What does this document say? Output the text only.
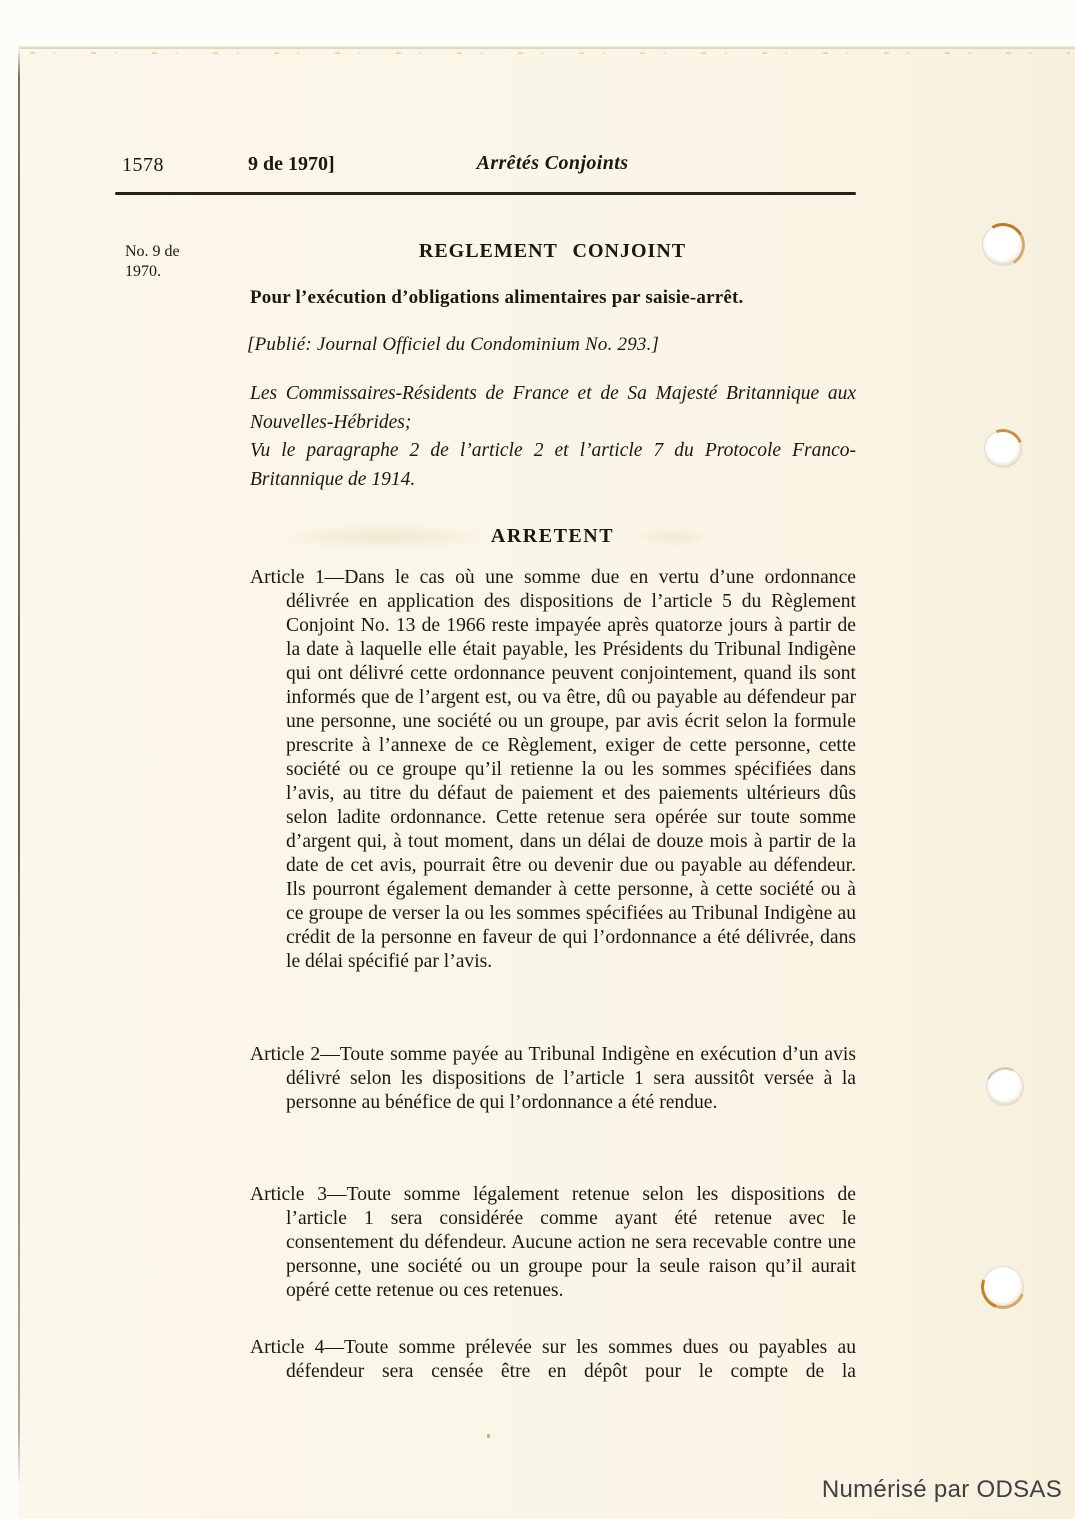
1578	9 de 1970]	Arrêtés Conjoints
No. 9 de 1970.
REGLEMENT CONJOINT
Pour l’exécution d’obligations alimentaires par saisie-arrêt.
[Publié: Journal Officiel du Condominium No. 293.]
Les Commissaires-Résidents de France et de Sa Majesté Britannique aux Nouvelles-Hébrides;
Vu le paragraphe 2 de l’article 2 et l’article 7 du Protocole Franco-Britannique de 1914.
ARRETENT

Article 1—Dans le cas où une somme due en vertu d’une ordonnance délivrée en application des dispositions de l’article 5 du Règlement Conjoint No. 13 de 1966 reste impayée après quatorze jours à partir de la date à laquelle elle était payable, les Présidents du Tribunal Indigène qui ont délivré cette ordonnance peuvent conjointement, quand ils sont informés que de l’argent est, ou va être, dû ou payable au défendeur par une personne, une société ou un groupe, par avis écrit selon la formule prescrite à l’annexe de ce Règlement, exiger de cette personne, cette société ou ce groupe qu’il retienne la ou les sommes spécifiées dans l’avis, au titre du défaut de paiement et des paiements ultérieurs dûs selon ladite ordonnance. Cette retenue sera opérée sur toute somme d’argent qui, à tout moment, dans un délai de douze mois à partir de la date de cet avis, pourrait être ou devenir due ou payable au défendeur. Ils pourront également demander à cette personne, à cette société ou à ce groupe de verser la ou les sommes spécifiées au Tribunal Indigène au crédit de la personne en faveur de qui l’ordonnance a été délivrée, dans le délai spécifié par l’avis.

Article 2—Toute somme payée au Tribunal Indigène en exécution d’un avis délivré selon les dispositions de l’article 1 sera aussitôt versée à la personne au bénéfice de qui l’ordonnance a été rendue.

Article 3—Toute somme légalement retenue selon les dispositions de l’article 1 sera considérée comme ayant été retenue avec le consentement du défendeur. Aucune action ne sera recevable contre une personne, une société ou un groupe pour la seule raison qu’il aurait opéré cette retenue ou ces retenues.

Article 4—Toute somme prélevée sur les sommes dues ou payables au défendeur sera censée être en dépôt pour le compte de la

Numérisé par ODSAS
